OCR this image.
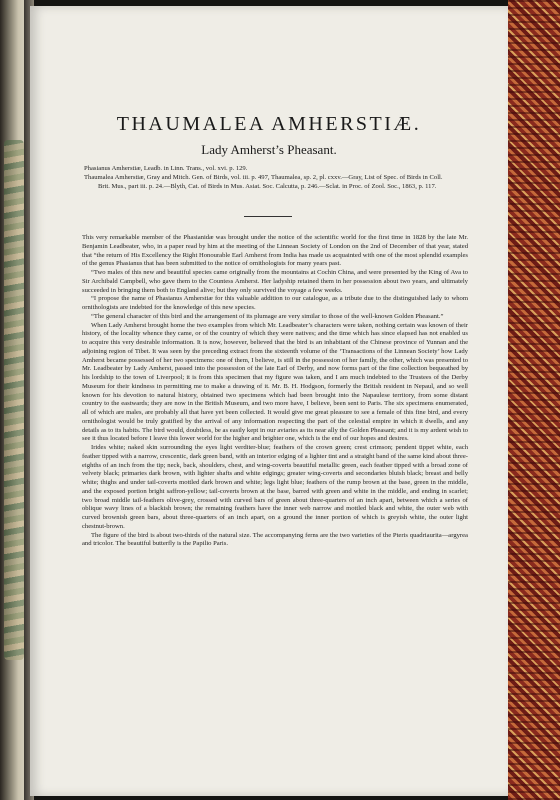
THAUMALEA AMHERSTIÆ.
Lady Amherst’s Pheasant.

Phasianus Amherstiæ, Leadb. in Linn. Trans., vol. xvi. p. 129.

Thaumalea Amherstiæ, Gray and Mitch. Gen. of Birds, vol. iii. p. 497, Thaumalea, sp. 2, pl. cxxv.—Gray, List of Spec. of Birds in Coll. Brit. Mus., part iii. p. 24.—Blyth, Cat. of Birds in Mus. Asiat. Soc. Calcutta, p. 246.—Sclat. in Proc. of Zool. Soc., 1863, p. 117.

This very remarkable member of the Phasianidæ was brought under the notice of the scientific world for the first time in 1828 by the late Mr. Benjamin Leadbeater, who, in a paper read by him at the meeting of the Linnean Society of London on the 2nd of December of that year, stated that “the return of His Excellency the Right Honourable Earl Amherst from India has made us acquainted with one of the most splendid examples of the genus Phasianus that has been submitted to the notice of ornithologists for many years past.

“Two males of this new and beautiful species came originally from the mountains at Cochin China, and were presented by the King of Ava to Sir Archibald Campbell, who gave them to the Countess Amherst. Her ladyship retained them in her possession about two years, and ultimately succeeded in bringing them both to England alive; but they only survived the voyage a few weeks.

“I propose the name of Phasianus Amherstiæ for this valuable addition to our catalogue, as a tribute due to the distinguished lady to whom ornithologists are indebted for the knowledge of this new species.

“The general character of this bird and the arrangement of its plumage are very similar to those of the well-known Golden Pheasant.”

When Lady Amherst brought home the two examples from which Mr. Leadbeater’s characters were taken, nothing certain was known of their history, of the locality whence they came, or of the country of which they were natives; and the time which has since elapsed has not enabled us to acquire this very desirable information. It is now, however, believed that the bird is an inhabitant of the Chinese province of Yunnan and the adjoining region of Tibet. It was seen by the preceding extract from the sixteenth volume of the ‘Transactions of the Linnean Society’ how Lady Amherst became possessed of her two specimens: one of them, I believe, is still in the possession of her family, the other, which was presented to Mr. Leadbeater by Lady Amherst, passed into the possession of the late Earl of Derby, and now forms part of the fine collection bequeathed by his lordship to the town of Liverpool; it is from this specimen that my figure was taken, and I am much indebted to the Trustees of the Derby Museum for their kindness in permitting me to make a drawing of it. Mr. B. H. Hodgson, formerly the British resident in Nepaul, and so well known for his devotion to natural history, obtained two specimens which had been brought into the Napaulese territory, from some distant country to the eastwards; they are now in the British Museum, and two more have, I believe, been sent to Paris. The six specimens enumerated, all of which are males, are probably all that have yet been collected. It would give me great pleasure to see a female of this fine bird, and every ornithologist would be truly gratified by the arrival of any information respecting the part of the celestial empire in which it dwells, and any details as to its habits. The bird would, doubtless, be as easily kept in our aviaries as its near ally the Golden Pheasant; and it is my ardent wish to see it thus located before I leave this lower world for the higher and brighter one, which is the end of our hopes and desires.

Irides white; naked skin surrounding the eyes light verditer-blue; feathers of the crown green; crest crimson; pendent tippet white, each feather tipped with a narrow, crescentic, dark green band, with an interior edging of a lighter tint and a straight band of the same kind about three-eighths of an inch from the tip; neck, back, shoulders, chest, and wing-coverts beautiful metallic green, each feather tipped with a broad zone of velvety black; primaries dark brown, with lighter shafts and white edgings; greater wing-coverts and secondaries bluish black; breast and belly white; thighs and under tail-coverts mottled dark brown and white; legs light blue; feathers of the rump brown at the base, green in the middle, and the exposed portion bright saffron-yellow; tail-coverts brown at the base, barred with green and white in the middle, and ending in scarlet; two broad middle tail-feathers olive-grey, crossed with curved bars of green about three-quarters of an inch apart, between which a series of oblique wavy lines of a blackish brown; the remaining feathers have the inner web narrow and mottled black and white, the outer web with curved brownish green bars, about three-quarters of an inch apart, on a ground the inner portion of which is greyish white, the outer light chestnut-brown.

The figure of the bird is about two-thirds of the natural size. The accompanying ferns are the two varieties of the Pteris quadriaurita—argyrea and tricolor. The beautiful butterfly is the Papilio Paris.
